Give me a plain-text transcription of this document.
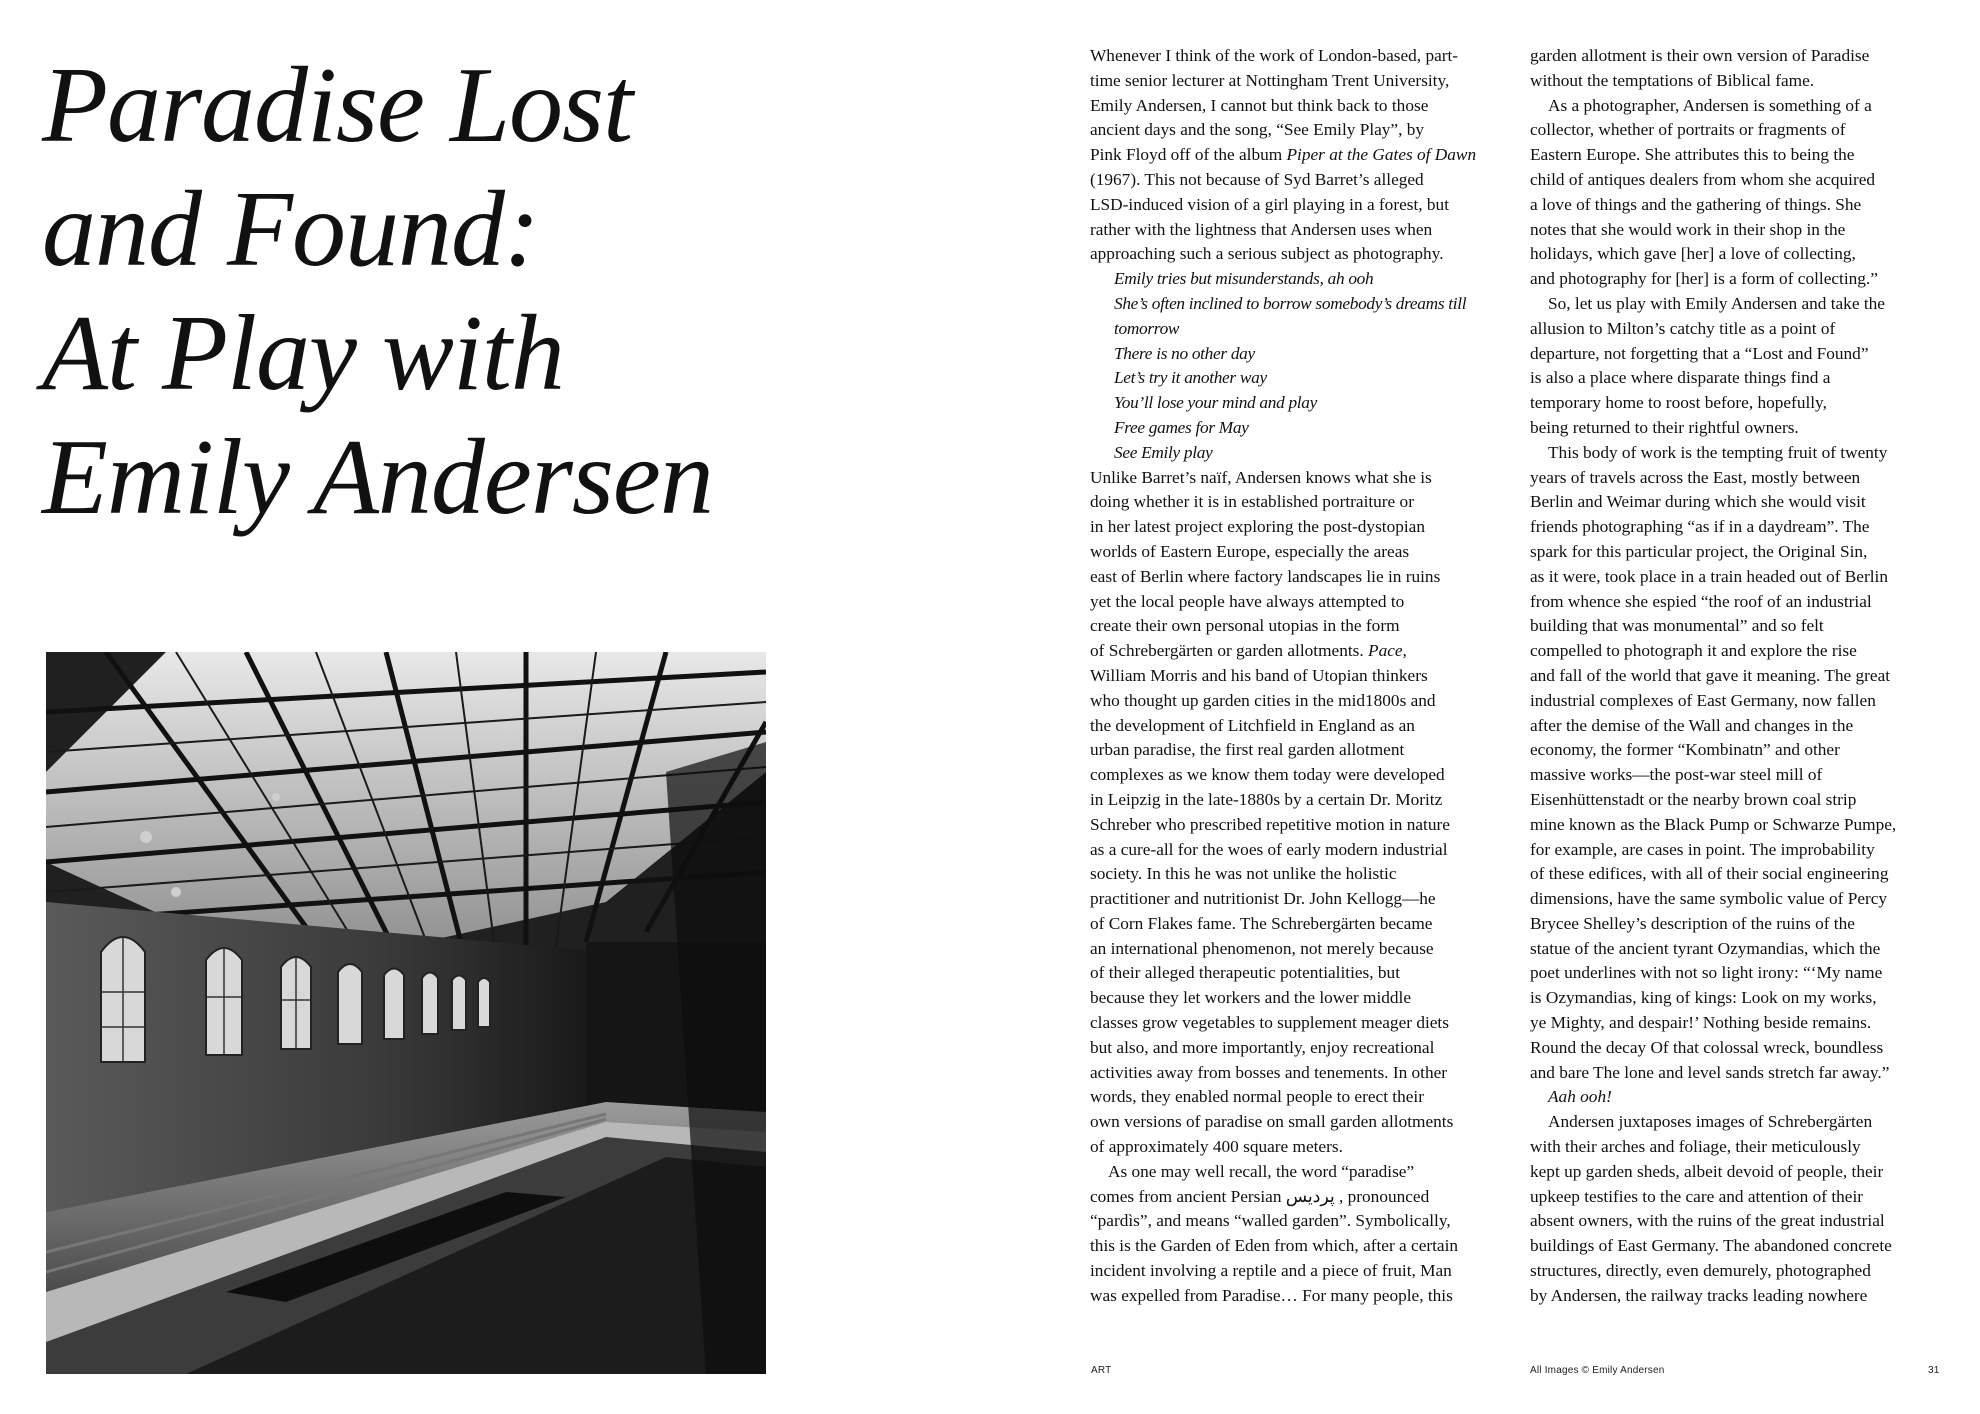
Paradise Lost
and Found:
At Play with
Emily Andersen

Whenever I think of the work of London-based, part-

time senior lecturer at Nottingham Trent University,

Emily Andersen, I cannot but think back to those

ancient days and the song, “See Emily Play”, by

Pink Floyd off of the album Piper at the Gates of Dawn

(1967). This not because of Syd Barret’s alleged

LSD-induced vision of a girl playing in a forest, but

rather with the lightness that Andersen uses when

approaching such a serious subject as photography.

Emily tries but misunderstands, ah ooh

She’s often inclined to borrow somebody’s dreams till

tomorrow

There is no other day

Let’s try it another way

You’ll lose your mind and play

Free games for May

See Emily play

Unlike Barret’s naïf, Andersen knows what she is

doing whether it is in established portraiture or

in her latest project exploring the post-dystopian

worlds of Eastern Europe, especially the areas

east of Berlin where factory landscapes lie in ruins

yet the local people have always attempted to

create their own personal utopias in the form

of Schrebergärten or garden allotments. Pace,

William Morris and his band of Utopian thinkers

who thought up garden cities in the mid1800s and

the development of Litchfield in England as an

urban paradise, the first real garden allotment

complexes as we know them today were developed

in Leipzig in the late-1880s by a certain Dr. Moritz

Schreber who prescribed repetitive motion in nature

as a cure-all for the woes of early modern industrial

society. In this he was not unlike the holistic

practitioner and nutritionist Dr. John Kellogg—he

of Corn Flakes fame. The Schrebergärten became

an international phenomenon, not merely because

of their alleged therapeutic potentialities, but

because they let workers and the lower middle

classes grow vegetables to supplement meager diets

but also, and more importantly, enjoy recreational

activities away from bosses and tenements. In other

words, they enabled normal people to erect their

own versions of paradise on small garden allotments

of approximately 400 square meters.

As one may well recall, the word “paradise”

comes from ancient Persian پردیس , pronounced

“pardìs”, and means “walled garden”. Symbolically,

this is the Garden of Eden from which, after a certain

incident involving a reptile and a piece of fruit, Man

was expelled from Paradise… For many people, this

garden allotment is their own version of Paradise

without the temptations of Biblical fame.

As a photographer, Andersen is something of a

collector, whether of portraits or fragments of

Eastern Europe. She attributes this to being the

child of antiques dealers from whom she acquired

a love of things and the gathering of things. She

notes that she would work in their shop in the

holidays, which gave [her] a love of collecting,

and photography for [her] is a form of collecting.”

So, let us play with Emily Andersen and take the

allusion to Milton’s catchy title as a point of

departure, not forgetting that a “Lost and Found”

is also a place where disparate things find a

temporary home to roost before, hopefully,

being returned to their rightful owners.

This body of work is the tempting fruit of twenty

years of travels across the East, mostly between

Berlin and Weimar during which she would visit

friends photographing “as if in a daydream”. The

spark for this particular project, the Original Sin,

as it were, took place in a train headed out of Berlin

from whence she espied “the roof of an industrial

building that was monumental” and so felt

compelled to photograph it and explore the rise

and fall of the world that gave it meaning. The great

industrial complexes of East Germany, now fallen

after the demise of the Wall and changes in the

economy, the former “Kombinatn” and other

massive works—the post-war steel mill of

Eisenhüttenstadt or the nearby brown coal strip

mine known as the Black Pump or Schwarze Pumpe,

for example, are cases in point. The improbability

of these edifices, with all of their social engineering

dimensions, have the same symbolic value of Percy

Brycee Shelley’s description of the ruins of the

statue of the ancient tyrant Ozymandias, which the

poet underlines with not so light irony: “‘My name

is Ozymandias, king of kings: Look on my works,

ye Mighty, and despair!’ Nothing beside remains.

Round the decay Of that colossal wreck, boundless

and bare The lone and level sands stretch far away.”

Aah ooh!

Andersen juxtaposes images of Schrebergärten

with their arches and foliage, their meticulously

kept up garden sheds, albeit devoid of people, their

upkeep testifies to the care and attention of their

absent owners, with the ruins of the great industrial

buildings of East Germany. The abandoned concrete

structures, directly, even demurely, photographed

by Andersen, the railway tracks leading nowhere

ART	All Images © Emily Andersen	31
